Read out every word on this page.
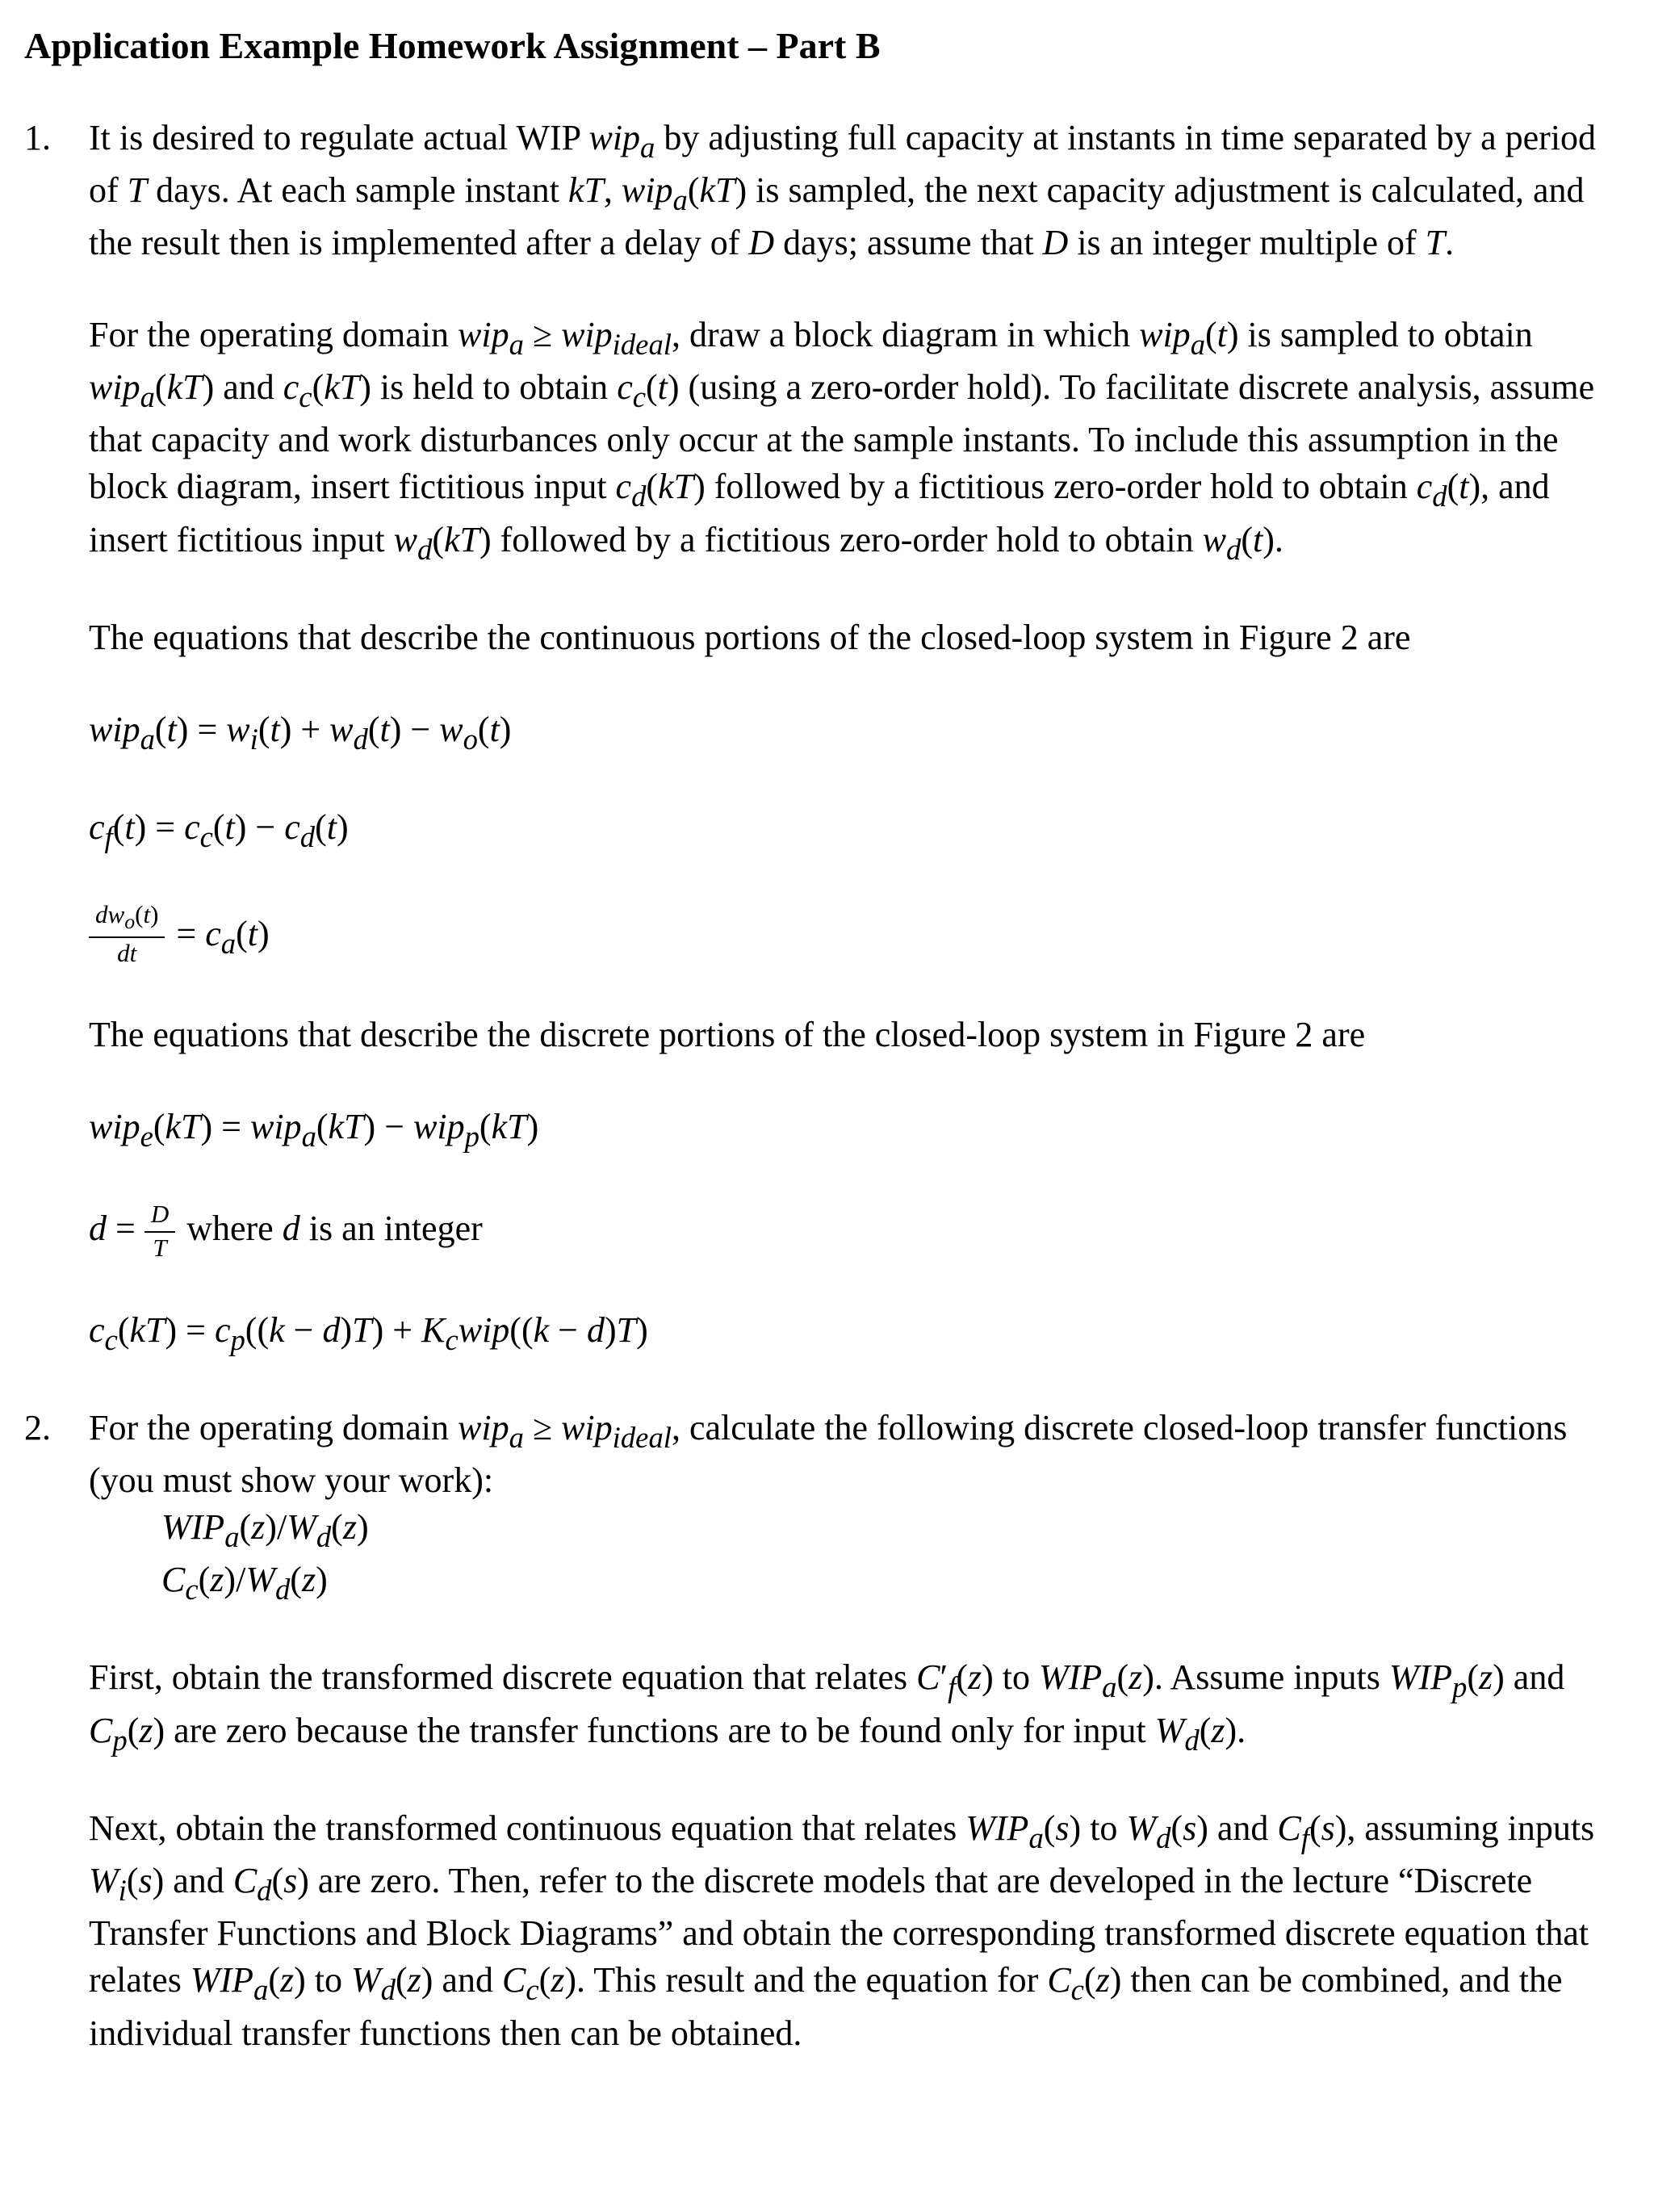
Application Example Homework Assignment – Part B
1. It is desired to regulate actual WIP wip$_a$ by adjusting full capacity at instants in time separated by a period of T days. At each sample instant kT, wip$_a$(kT) is sampled, the next capacity adjustment is calculated, and the result then is implemented after a delay of D days; assume that D is an integer multiple of T.

For the operating domain wip$_a$ ≥ wip$_{ideal}$, draw a block diagram in which wip$_a$(t) is sampled to obtain wip$_a$(kT) and $c_c(kT)$ is held to obtain $c_c(t)$ (using a zero-order hold). To facilitate discrete analysis, assume that capacity and work disturbances only occur at the sample instants. To include this assumption in the block diagram, insert fictitious input $c_d(kT)$ followed by a fictitious zero-order hold to obtain $c_d(t)$, and insert fictitious input $w_d(kT)$ followed by a fictitious zero-order hold to obtain $w_d(t)$.

The equations that describe the continuous portions of the closed-loop system in Figure 2 are

$wip_a(t) = w_i(t) + w_d(t) - w_o(t)$
$c_f(t) = c_c(t) - c_d(t)$
$\frac{dw_o(t)}{dt} = c_a(t)$

The equations that describe the discrete portions of the closed-loop system in Figure 2 are

wip$_e$(kT) = wip$_a$(kT) − wip$_p$(kT)
$d = \frac{D}{T}$ where d is an integer
$c_c(kT) = c_p((k - d)T) + K_cwip((k - d)T)$
2. For the operating domain wip$_a$ ≥ wip$_{ideal}$, calculate the following discrete closed-loop transfer functions (you must show your work):
$WIP_a(z)/W_d(z)$
$C_c(z)/W_d(z)$

First, obtain the transformed discrete equation that relates $C'_f(z)$ to $WIP_a(z)$. Assume inputs $WIP_p(z)$ and $C_p(z)$ are zero because the transfer functions are to be found only for input $W_d(z)$.

Next, obtain the transformed continuous equation that relates $WIP_a(s)$ to $W_d(s)$ and $C_f(s)$, assuming inputs $W_i(s)$ and $C_d(s)$ are zero. Then, refer to the discrete models that are developed in the lecture “Discrete Transfer Functions and Block Diagrams” and obtain the corresponding transformed discrete equation that relates $WIP_a(z)$ to $W_d(z)$ and $C_c(z)$. This result and the equation for $C_c(z)$ then can be combined, and the individual transfer functions then can be obtained.
